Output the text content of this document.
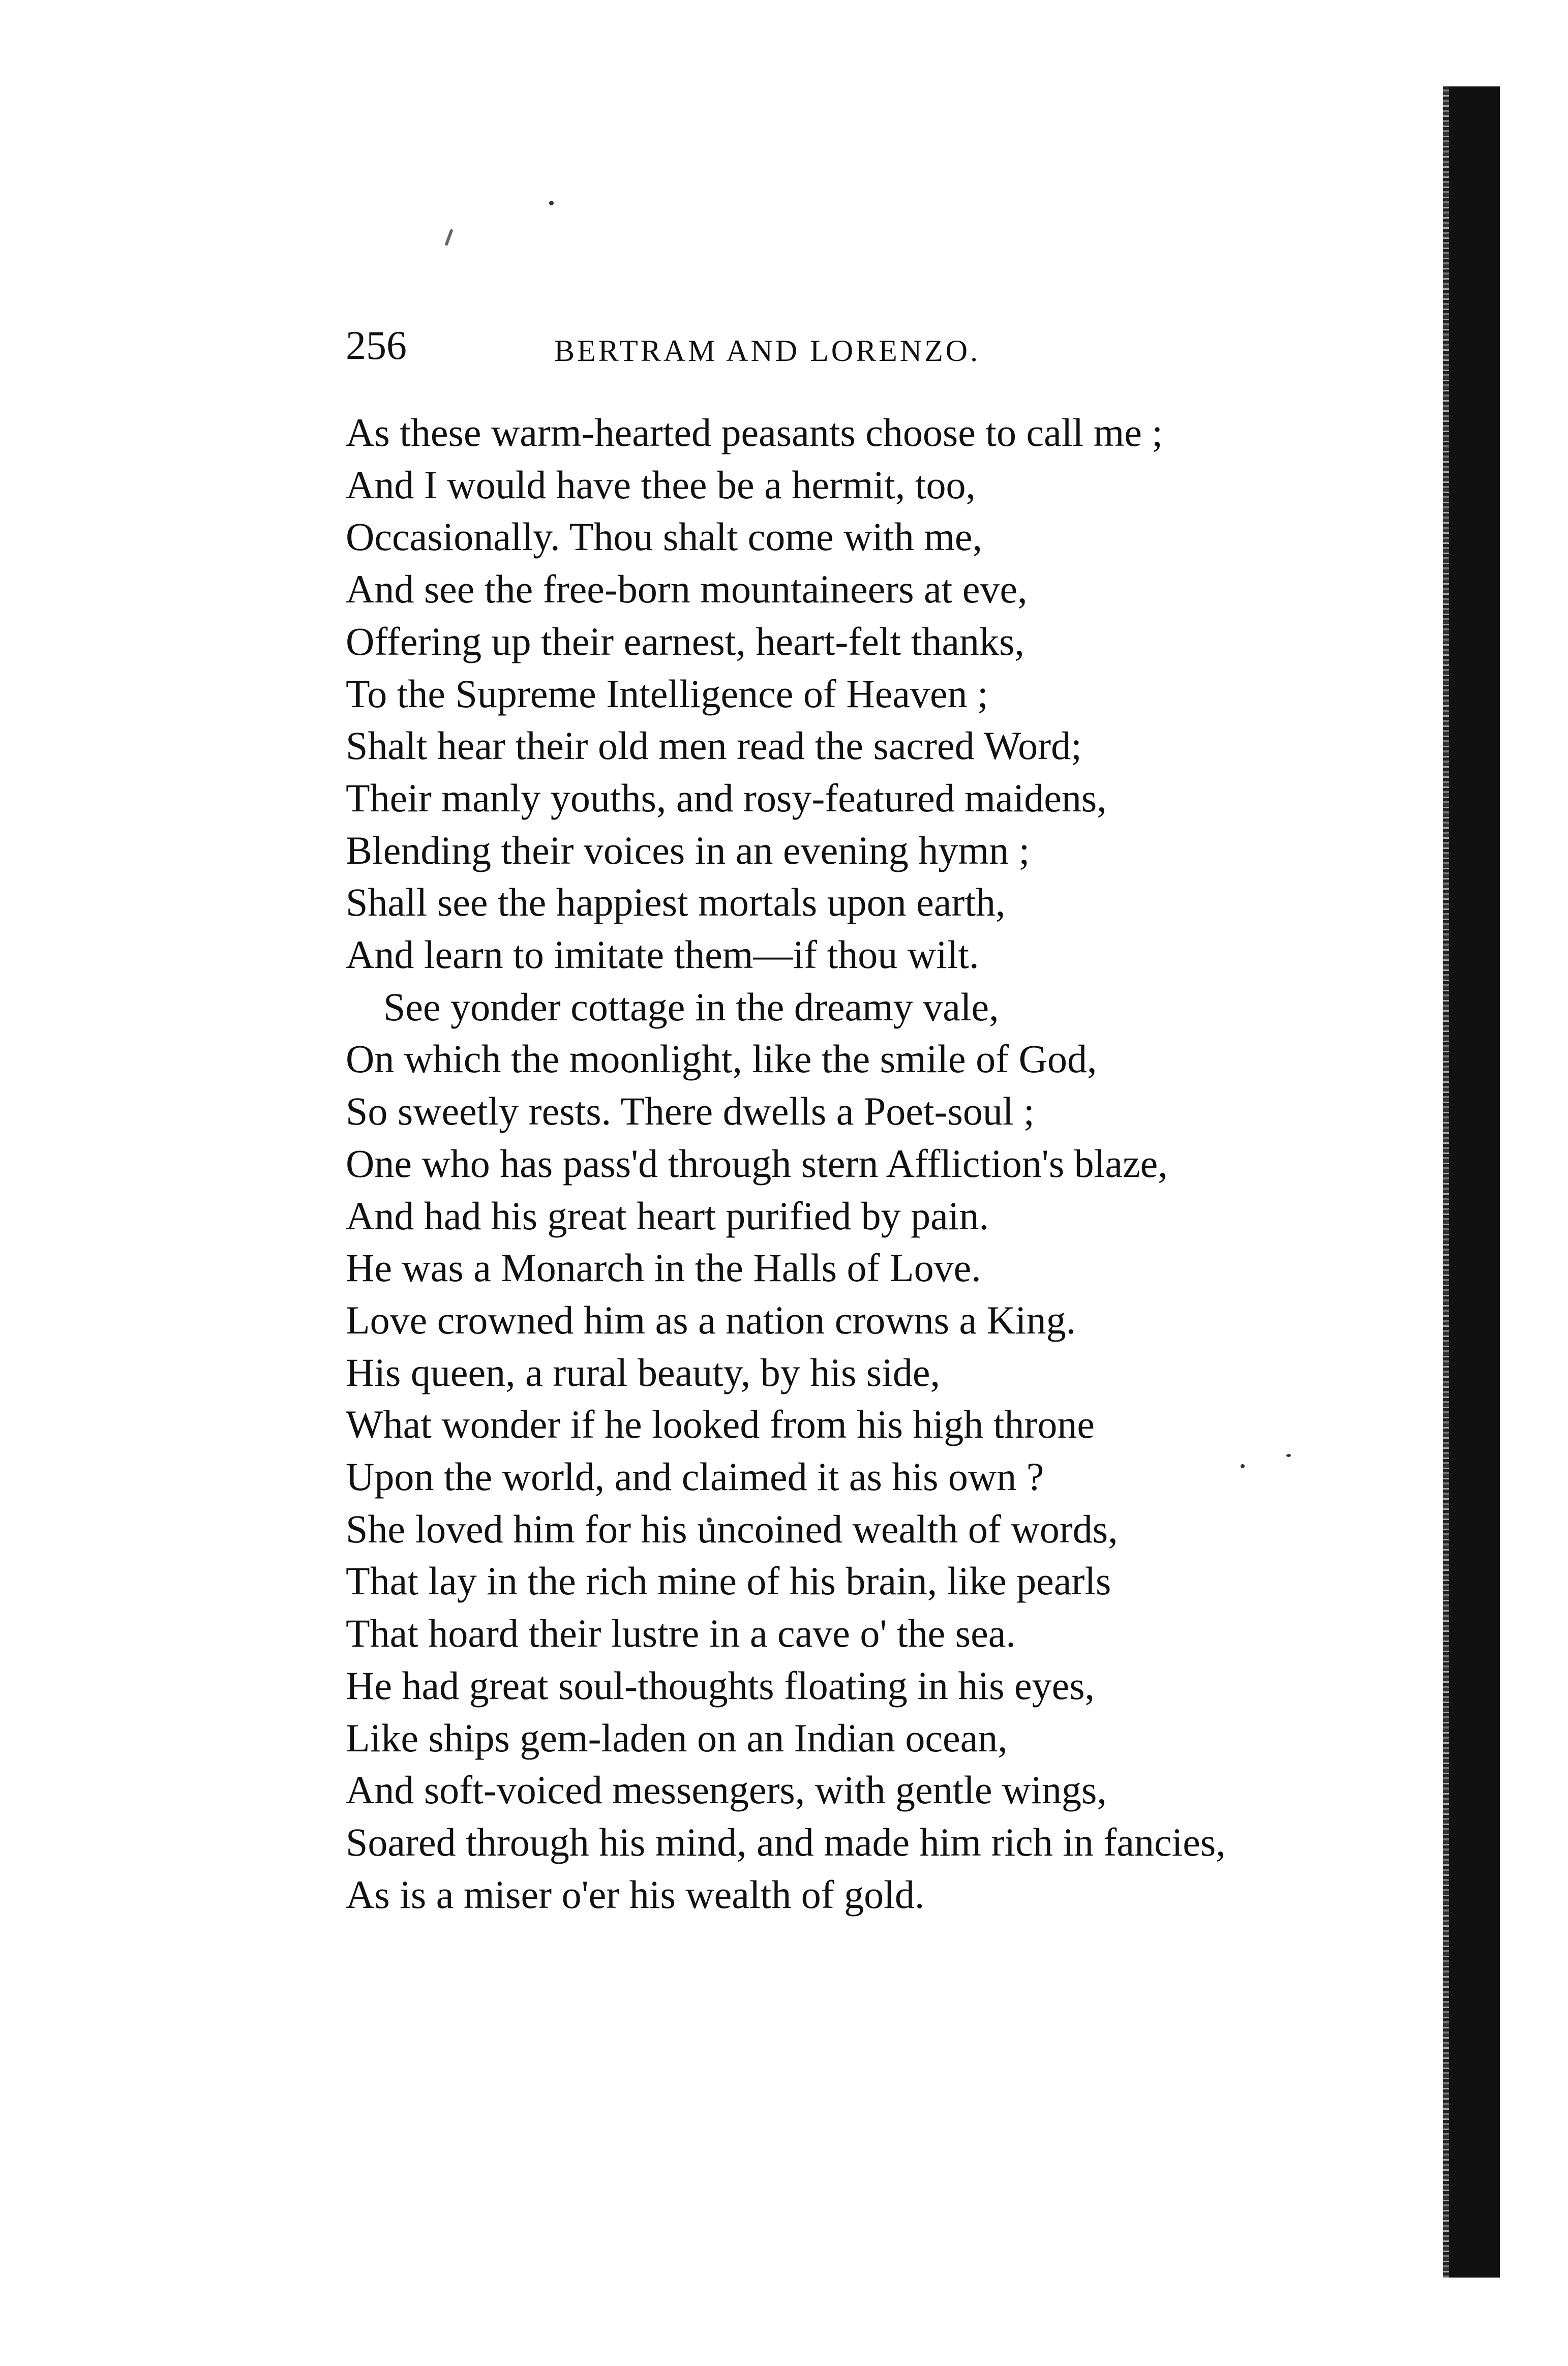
256	BERTRAM AND LORENZO.
As these warm-hearted peasants choose to call me ;
And I would have thee be a hermit, too,
Occasionally. Thou shalt come with me,
And see the free-born mountaineers at eve,
Offering up their earnest, heart-felt thanks,
To the Supreme Intelligence of Heaven ;
Shalt hear their old men read the sacred Word;
Their manly youths, and rosy-featured maidens,
Blending their voices in an evening hymn ;
Shall see the happiest mortals upon earth,
And learn to imitate them—if thou wilt.
See yonder cottage in the dreamy vale,
On which the moonlight, like the smile of God,
So sweetly rests. There dwells a Poet-soul ;
One who has pass'd through stern Affliction's blaze,
And had his great heart purified by pain.
He was a Monarch in the Halls of Love.
Love crowned him as a nation crowns a King.
His queen, a rural beauty, by his side,
What wonder if he looked from his high throne
Upon the world, and claimed it as his own ?
She loved him for his uncoined wealth of words,
That lay in the rich mine of his brain, like pearls
That hoard their lustre in a cave o' the sea.
He had great soul-thoughts floating in his eyes,
Like ships gem-laden on an Indian ocean,
And soft-voiced messengers, with gentle wings,
Soared through his mind, and made him rich in fancies,
As is a miser o'er his wealth of gold.
